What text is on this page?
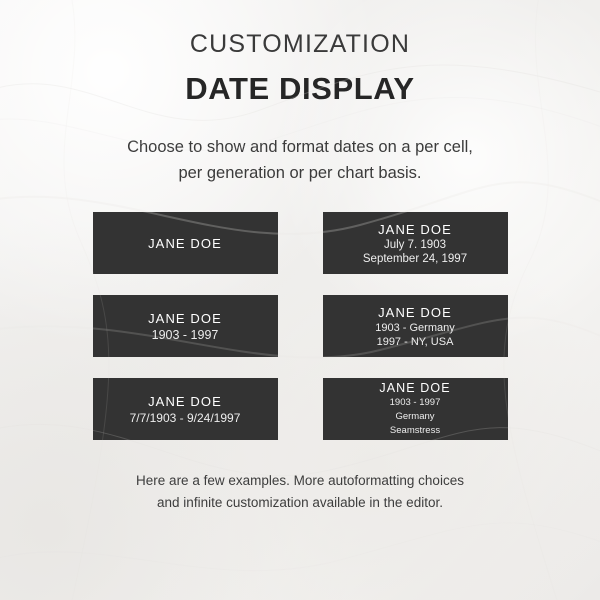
CUSTOMIZATION
DATE DISPLAY
Choose to show and format dates on a per cell,
per generation or per chart basis.
JANE DOE
JANE DOE
July 7. 1903
September 24, 1997
JANE DOE
1903 - 1997
JANE DOE
1903 - Germany
1997 - NY, USA
JANE DOE
7/7/1903 - 9/24/1997
JANE DOE
1903 - 1997
Germany
Seamstress
Here are a few examples. More autoformatting choices
and infinite customization available in the editor.
